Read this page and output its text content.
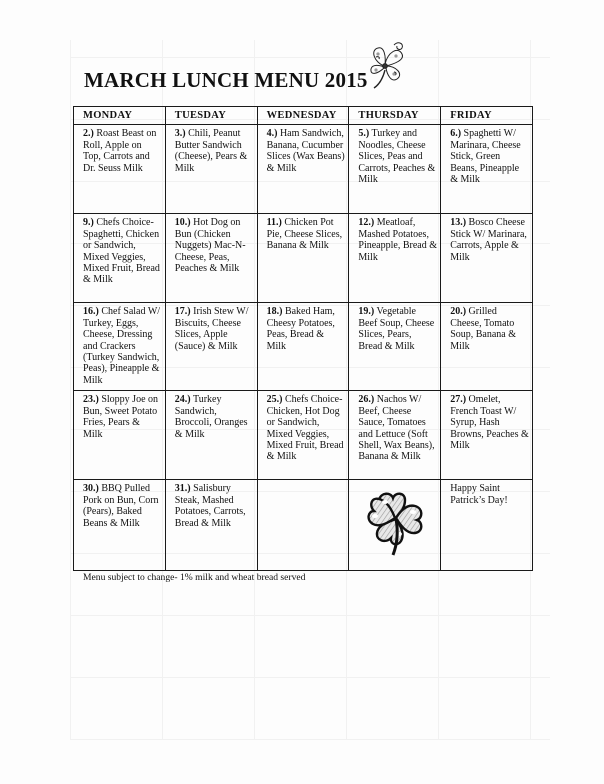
MARCH LUNCH MENU 2015
MONDAY	TUESDAY	WEDNESDAY	THURSDAY	FRIDAY
2.) Roast Beast on Roll, Apple on Top, Carrots and Dr. Seuss Milk	3.) Chili, Peanut Butter Sandwich (Cheese), Pears & Milk	4.) Ham Sandwich, Banana, Cucumber Slices (Wax Beans) & Milk	5.) Turkey and Noodles, Cheese Slices, Peas and Carrots, Peaches & Milk	6.) Spaghetti W/ Marinara, Cheese Stick, Green Beans, Pineapple & Milk
9.) Chefs Choice- Spaghetti, Chicken or Sandwich, Mixed Veggies, Mixed Fruit, Bread & Milk	10.) Hot Dog on Bun (Chicken Nuggets) Mac-N-Cheese, Peas, Peaches & Milk	11.) Chicken Pot Pie, Cheese Slices, Banana & Milk	12.) Meatloaf, Mashed Potatoes, Pineapple, Bread & Milk	13.) Bosco Cheese Stick W/ Marinara, Carrots, Apple & Milk
16.) Chef Salad W/ Turkey, Eggs, Cheese, Dressing and Crackers (Turkey Sandwich, Peas), Pineapple & Milk	17.) Irish Stew W/ Biscuits, Cheese Slices, Apple (Sauce) & Milk	18.) Baked Ham, Cheesy Potatoes, Peas, Bread & Milk	19.) Vegetable Beef Soup, Cheese Slices, Pears, Bread & Milk	20.) Grilled Cheese, Tomato Soup, Banana & Milk
23.) Sloppy Joe on Bun, Sweet Potato Fries, Pears & Milk	24.) Turkey Sandwich, Broccoli, Oranges & Milk	25.) Chefs Choice- Chicken, Hot Dog or Sandwich, Mixed Veggies, Mixed Fruit, Bread & Milk	26.) Nachos W/ Beef, Cheese Sauce, Tomatoes and Lettuce (Soft Shell, Wax Beans), Banana & Milk	27.) Omelet, French Toast W/ Syrup, Hash Browns, Peaches & Milk
30.) BBQ Pulled Pork on Bun, Corn (Pears), Baked Beans & Milk	31.) Salisbury Steak, Mashed Potatoes, Carrots, Bread & Milk			Happy Saint Patrick’s Day!
Menu subject to change- 1% milk and wheat bread served
